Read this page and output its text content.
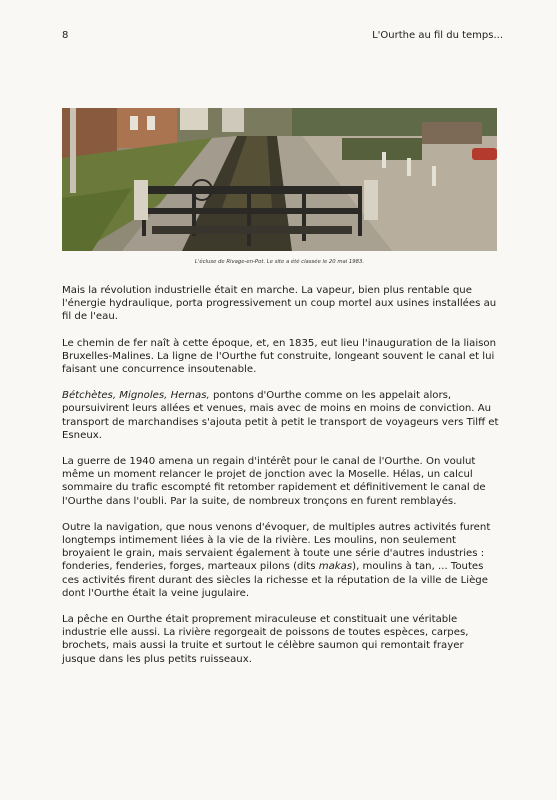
8	L'Ourthe au fil du temps...
L'écluse de Rivage-en-Pot. Le site a été classée le 20 mai 1983.

Mais la révolution industrielle était en marche. La vapeur, bien plus rentable que l'énergie hydraulique, porta progressivement un coup mortel aux usines installées au fil de l'eau.

Le chemin de fer naît à cette époque, et, en 1835, eut lieu l'inauguration de la liaison Bruxelles-Malines. La ligne de l'Ourthe fut construite, longeant souvent le canal et lui faisant une concurrence insoutenable.

Bétchètes, Mignoles, Hernas, pontons d'Ourthe comme on les appelait alors, poursuivirent leurs allées et venues, mais avec de moins en moins de conviction. Au transport de marchandises s'ajouta petit à petit le transport de voyageurs vers Tilff et Esneux.

La guerre de 1940 amena un regain d'intérêt pour le canal de l'Ourthe. On voulut même un moment relancer le projet de jonction avec la Moselle. Hélas, un calcul sommaire du trafic escompté fit retomber rapidement et définitivement le canal de l'Ourthe dans l'oubli. Par la suite, de nombreux tronçons en furent remblayés.

Outre la navigation, que nous venons d'évoquer, de multiples autres activités furent longtemps intimement liées à la vie de la rivière. Les moulins, non seulement broyaient le grain, mais servaient également à toute une série d'autres industries : fonderies, fenderies, forges, marteaux pilons (dits makas), moulins à tan, ... Toutes ces activités firent durant des siècles la richesse et la réputation de la ville de Liège dont l'Ourthe était la veine jugulaire.

La pêche en Ourthe était proprement miraculeuse et constituait une véritable industrie elle aussi. La rivière regorgeait de poissons de toutes espèces, carpes, brochets, mais aussi la truite et surtout le célèbre saumon qui remontait frayer jusque dans les plus petits ruisseaux.
